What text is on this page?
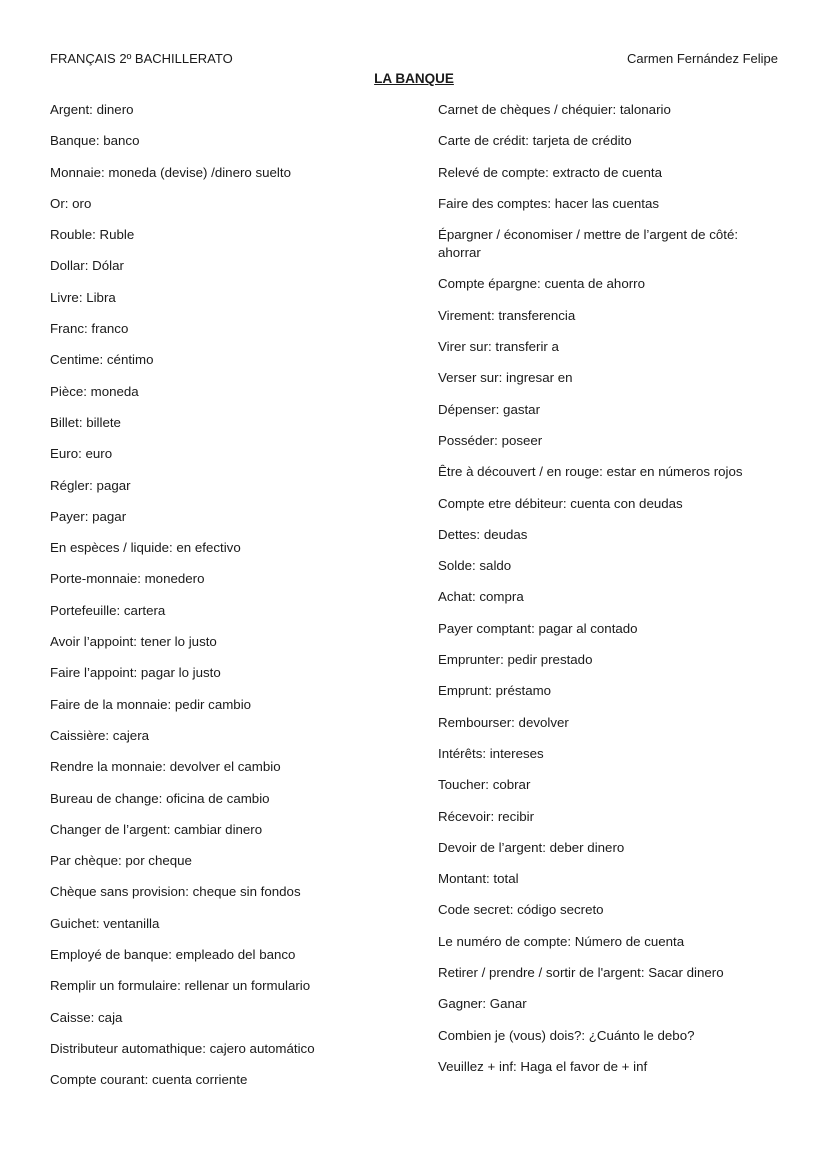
FRANÇAIS 2º BACHILLERATO	Carmen Fernández Felipe
LA BANQUE
Argent: dinero
Banque: banco
Monnaie: moneda (devise) /dinero suelto
Or: oro
Rouble: Ruble
Dollar: Dólar
Livre: Libra
Franc: franco
Centime: céntimo
Pièce: moneda
Billet: billete
Euro: euro
Régler: pagar
Payer: pagar
En espèces / liquide: en efectivo
Porte-monnaie: monedero
Portefeuille: cartera
Avoir l’appoint: tener lo justo
Faire l’appoint: pagar lo justo
Faire de la monnaie: pedir cambio
Caissière: cajera
Rendre la monnaie: devolver el cambio
Bureau de change: oficina de cambio
Changer de l’argent: cambiar dinero
Par chèque: por cheque
Chèque sans provision: cheque sin fondos
Guichet: ventanilla
Employé de banque: empleado del banco
Remplir un formulaire: rellenar un formulario
Caisse: caja
Distributeur automathique: cajero automático
Compte courant: cuenta corriente
Carnet de chèques / chéquier: talonario
Carte de crédit: tarjeta de crédito
Relevé de compte: extracto de cuenta
Faire des comptes: hacer las cuentas
Épargner / économiser / mettre de l’argent de côté: ahorrar
Compte épargne: cuenta de ahorro
Virement: transferencia
Virer sur: transferir a
Verser sur: ingresar en
Dépenser: gastar
Posséder: poseer
Être à découvert / en rouge: estar en números rojos
Compte etre débiteur: cuenta con deudas
Dettes: deudas
Solde: saldo
Achat: compra
Payer comptant: pagar al contado
Emprunter: pedir prestado
Emprunt: préstamo
Rembourser: devolver
Intérêts: intereses
Toucher: cobrar
Récevoir: recibir
Devoir de l’argent: deber dinero
Montant: total
Code secret: código secreto
Le numéro de compte: Número de cuenta
Retirer / prendre / sortir de l'argent: Sacar dinero
Gagner: Ganar
Combien je (vous) dois?: ¿Cuánto le debo?
Veuillez + inf: Haga el favor de + inf
